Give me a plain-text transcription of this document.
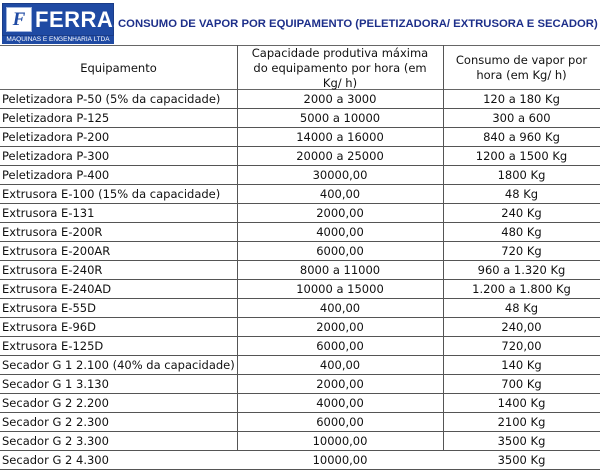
F FERRAZ
MAQUINAS E ENGENHARIA LTDA
CONSUMO DE VAPOR POR EQUIPAMENTO (PELETIZADORA/ EXTRUSORA E SECADOR)
Equipamento
Capacidade produtiva máxima do equipamento por hora (em Kg/ h)
Consumo de vapor por hora (em Kg/ h)
Peletizadora P-50 (5% da capacidade)	2000 a 3000	120 a 180 Kg
Peletizadora P-125	5000 a 10000	300 a 600
Peletizadora P-200	14000 a 16000	840 a 960 Kg
Peletizadora P-300	20000 a 25000	1200 a 1500 Kg
Peletizadora P-400	30000,00	1800 Kg
Extrusora E-100 (15% da capacidade)	400,00	48 Kg
Extrusora E-131	2000,00	240 Kg
Extrusora E-200R	4000,00	480 Kg
Extrusora E-200AR	6000,00	720 Kg
Extrusora E-240R	8000 a 11000	960 a 1.320 Kg
Extrusora E-240AD	10000 a 15000	1.200 a 1.800 Kg
Extrusora E-55D	400,00	48 Kg
Extrusora E-96D	2000,00	240,00
Extrusora E-125D	6000,00	720,00
Secador G 1 2.100 (40% da capacidade)	400,00	140 Kg
Secador G 1 3.130	2000,00	700 Kg
Secador G 2 2.200	4000,00	1400 Kg
Secador G 2 2.300	6000,00	2100 Kg
Secador G 2 3.300	10000,00	3500 Kg
Secador G 2 4.300	10000,00	3500 Kg
